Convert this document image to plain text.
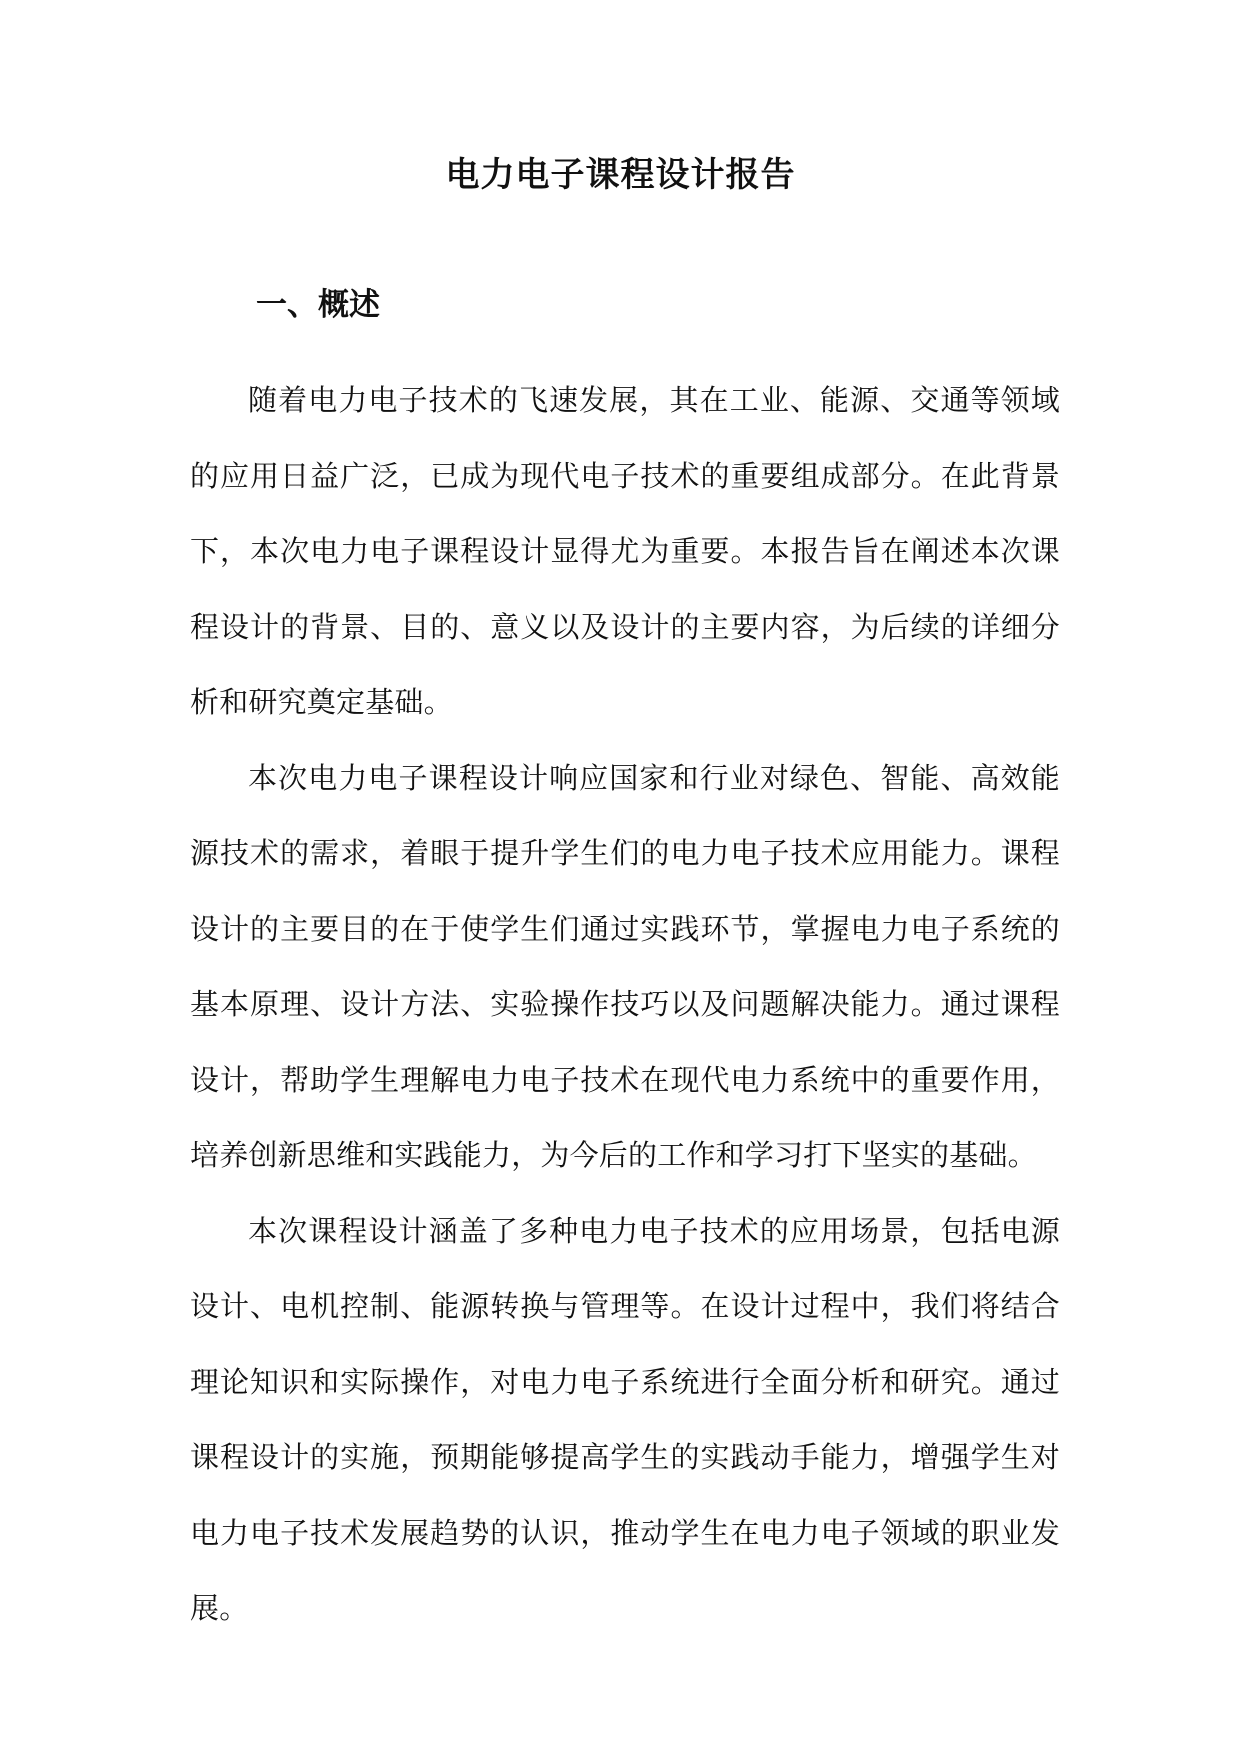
电力电子课程设计报告
一、概述

随着电力电子技术的飞速发展，其在工业、能源、交通等领域的应用日益广泛，已成为现代电子技术的重要组成部分。在此背景下，本次电力电子课程设计显得尤为重要。本报告旨在阐述本次课程设计的背景、目的、意义以及设计的主要内容，为后续的详细分析和研究奠定基础。

本次电力电子课程设计响应国家和行业对绿色、智能、高效能源技术的需求，着眼于提升学生们的电力电子技术应用能力。课程设计的主要目的在于使学生们通过实践环节，掌握电力电子系统的基本原理、设计方法、实验操作技巧以及问题解决能力。通过课程设计，帮助学生理解电力电子技术在现代电力系统中的重要作用，培养创新思维和实践能力，为今后的工作和学习打下坚实的基础。

本次课程设计涵盖了多种电力电子技术的应用场景，包括电源设计、电机控制、能源转换与管理等。在设计过程中，我们将结合理论知识和实际操作，对电力电子系统进行全面分析和研究。通过课程设计的实施，预期能够提高学生的实践动手能力，增强学生对电力电子技术发展趋势的认识，推动学生在电力电子领域的职业发展。
